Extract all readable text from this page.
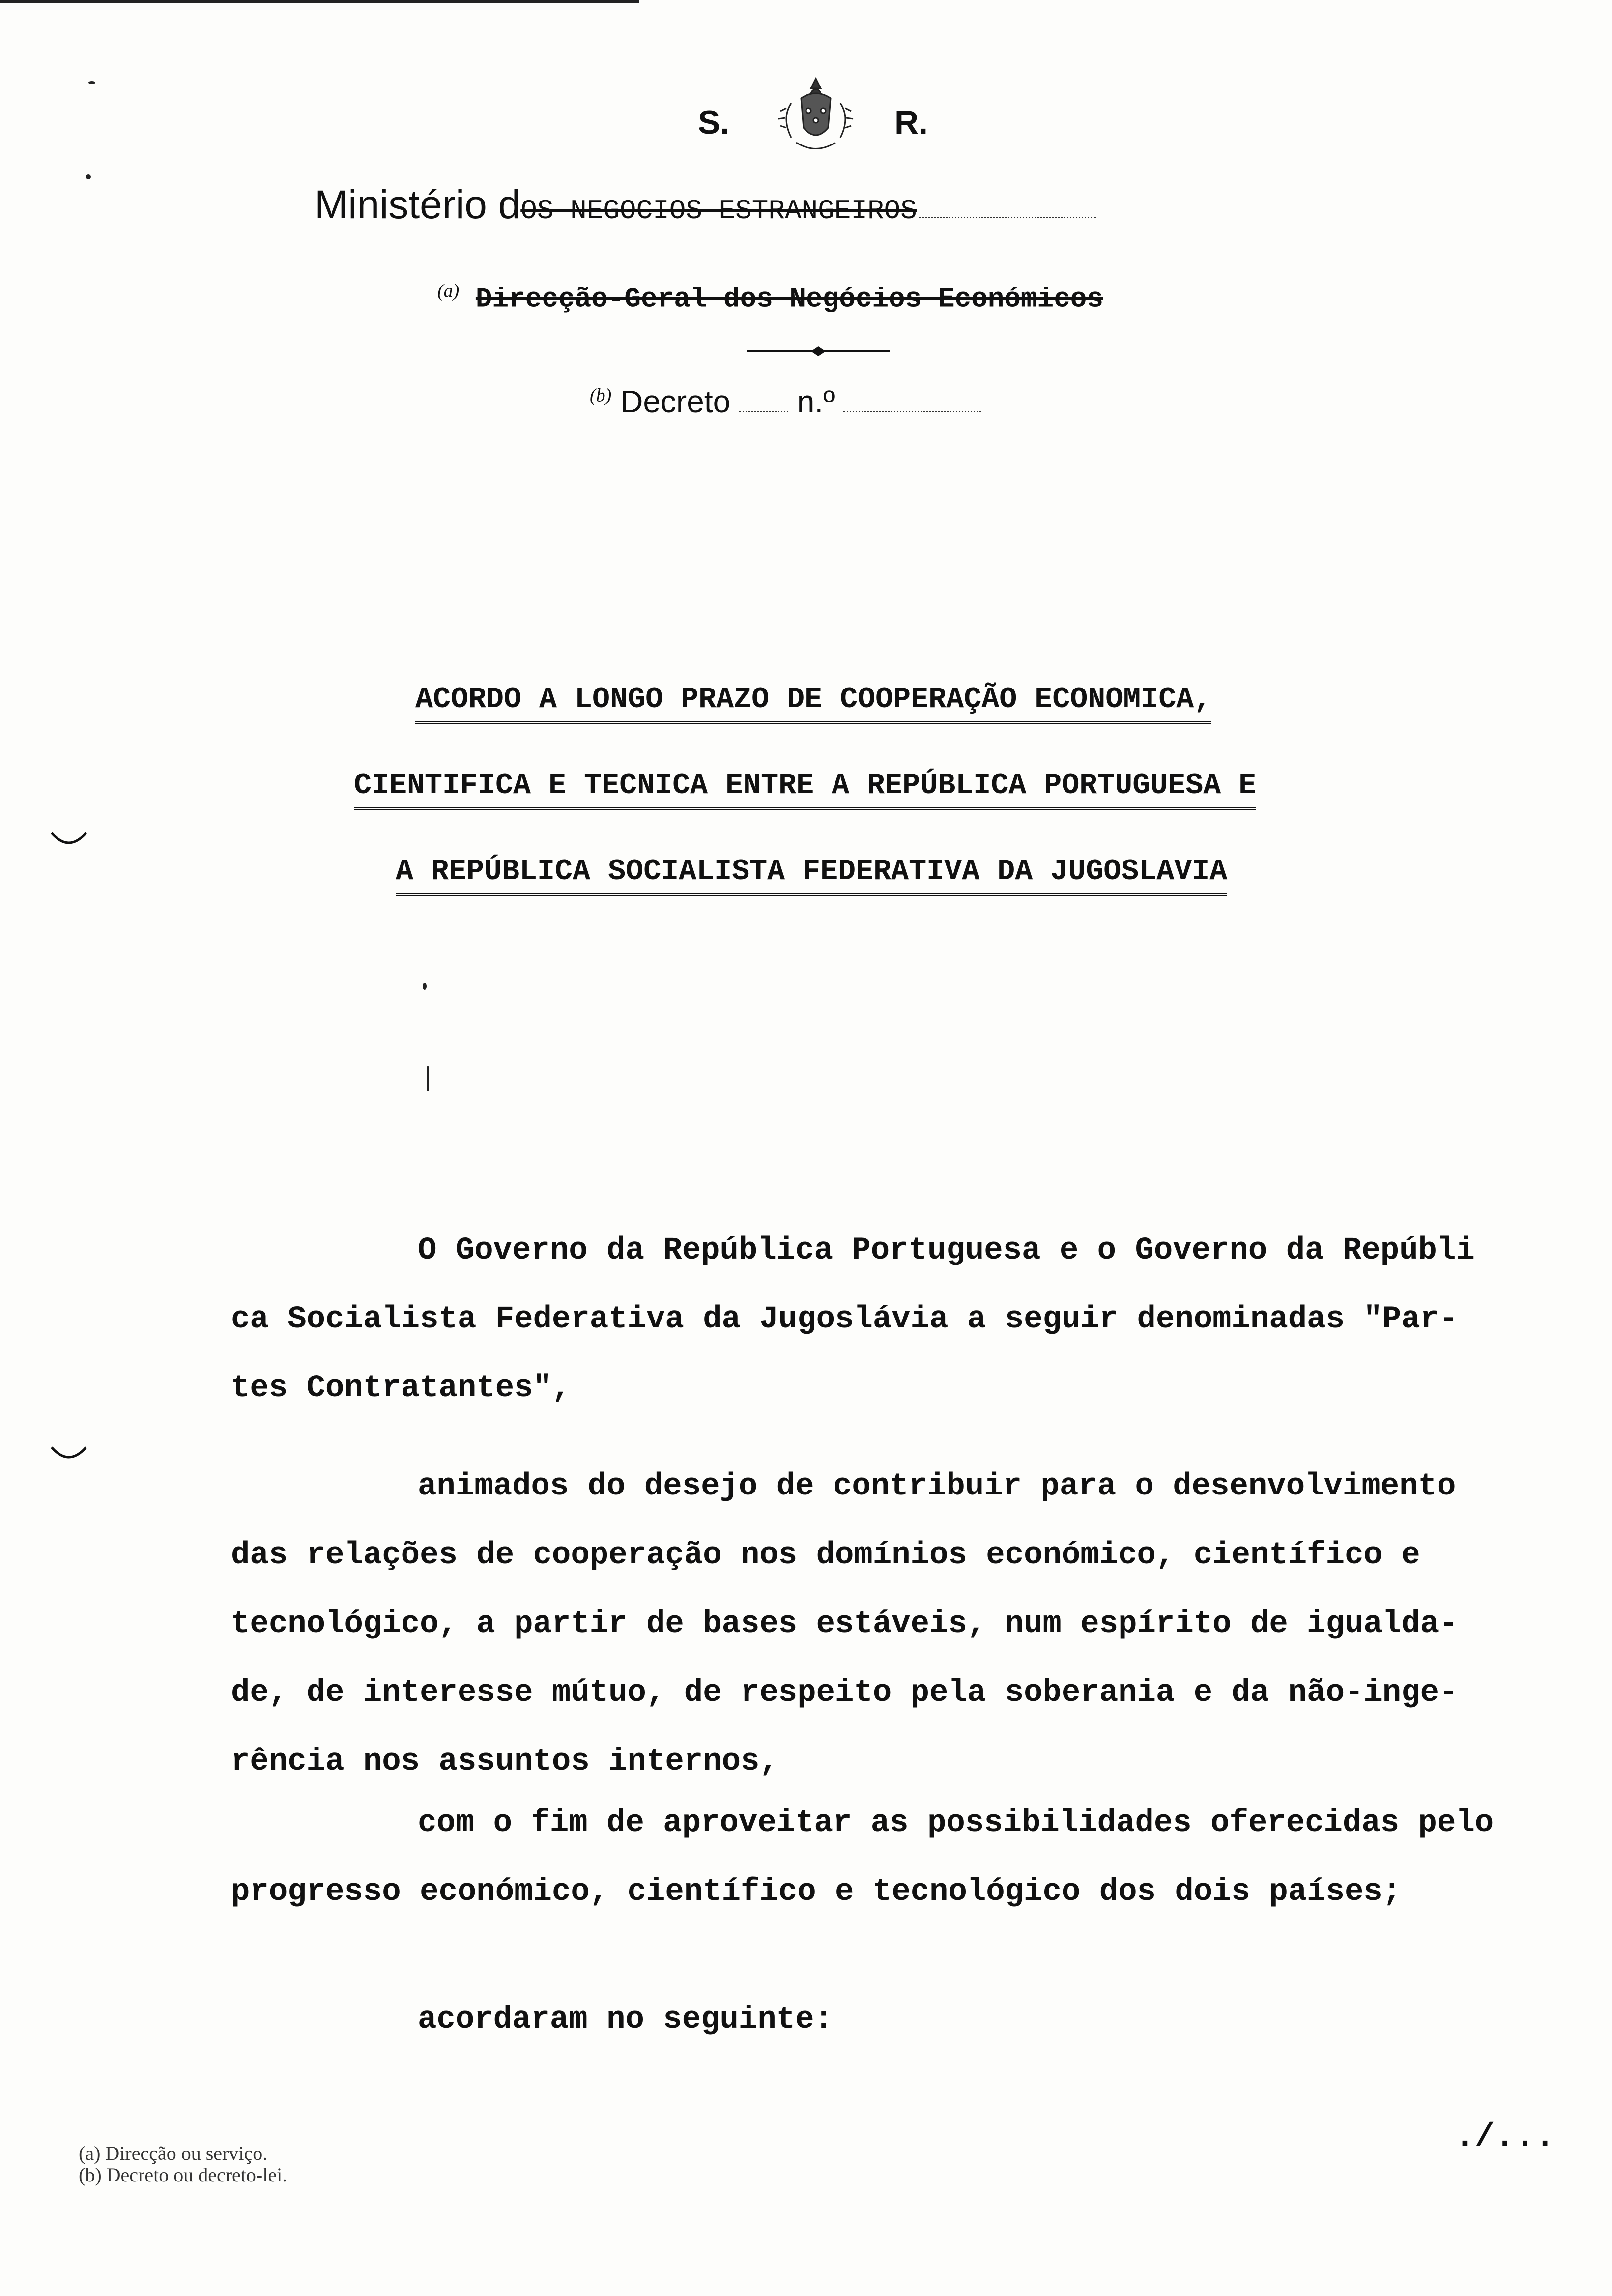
S.	R.
Ministério dOS NEGOCIOS ESTRANGEIROS
$^{(a)}$ Direcção-Geral dos Negócios Económicos
$^{(b)}$ Decreto n.º
ACORDO A LONGO PRAZO DE COOPERAÇÃO ECONOMICA,
CIENTIFICA E TECNICA ENTRE A REPÚBLICA PORTUGUESA E
A REPÚBLICA SOCIALISTA FEDERATIVA DA JUGOSLAVIA
O Governo da República Portuguesa e o Governo da Repúbli
ca Socialista Federativa da Jugoslávia a seguir denominadas "Par-
tes Contratantes",
animados do desejo de contribuir para o desenvolvimento
das relações de cooperação nos domínios económico, científico e
tecnológico, a partir de bases estáveis, num espírito de igualda-
de, de interesse mútuo, de respeito pela soberania e da não-inge-
rência nos assuntos internos,
com o fim de aproveitar as possibilidades oferecidas pelo
progresso económico, científico e tecnológico dos dois países;
acordaram no seguinte:
./...
(a) Direcção ou serviço.
(b) Decreto ou decreto-lei.
